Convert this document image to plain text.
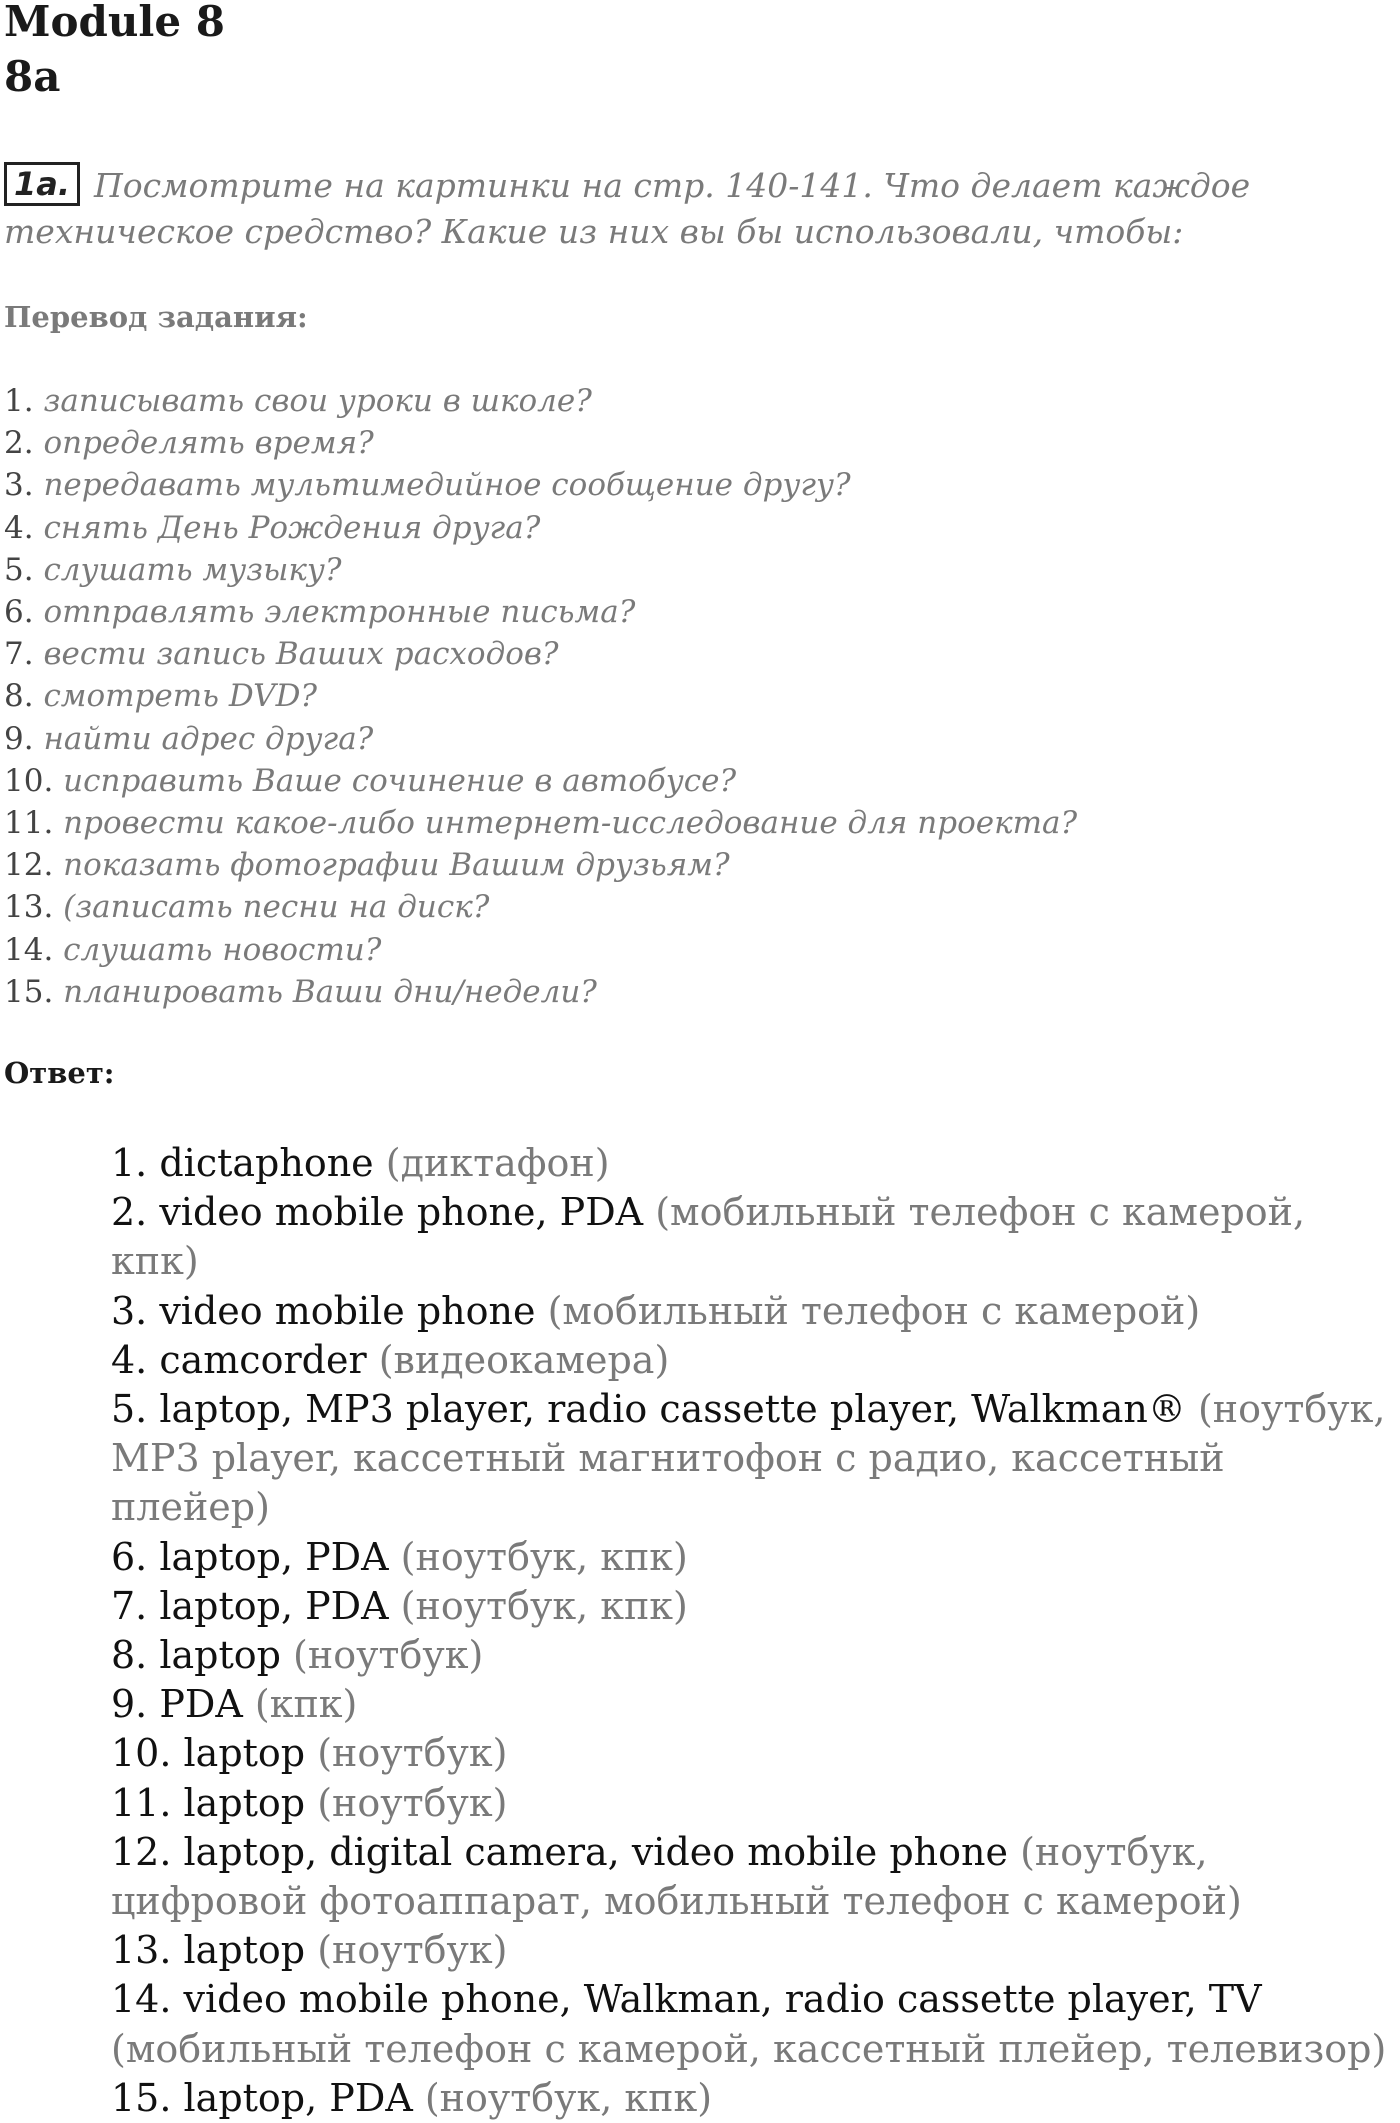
Module 8
8a
1a. Посмотрите на картинки на стр. 140-141. Что делает каждое техническое средство? Какие из них вы бы использовали, чтобы:

Перевод задания:

1. записывать свои уроки в школе?
2. определять время?
3. передавать мультимедийное сообщение другу?
4. снять День Рождения друга?
5. слушать музыку?
6. отправлять электронные письма?
7. вести запись Ваших расходов?
8. смотреть DVD?
9. найти адрес друга?
10. исправить Ваше сочинение в автобусе?
11. провести какое-либо интернет-исследование для проекта?
12. показать фотографии Вашим друзьям?
13. (записать песни на диск?
14. слушать новости?
15. планировать Ваши дни/недели?

Ответ:

1. dictaphone (диктафон)
2. video mobile phone, PDA (мобильный телефон с камерой, кпк)
3. video mobile phone (мобильный телефон с камерой)
4. camcorder (видеокамера)
5. laptop, MP3 player, radio cassette player, Walkman® (ноутбук, MP3 player, кассетный магнитофон с радио, кассетный плейер)
6. laptop, PDA (ноутбук, кпк)
7. laptop, PDA (ноутбук, кпк)
8. laptop (ноутбук)
9. PDA (кпк)
10. laptop (ноутбук)
11. laptop (ноутбук)
12. laptop, digital camera, video mobile phone (ноутбук, цифровой фотоаппарат, мобильный телефон с камерой)
13. laptop (ноутбук)
14. video mobile phone, Walkman, radio cassette player, TV (мобильный телефон с камерой, кассетный плейер, телевизор)
15. laptop, PDA (ноутбук, кпк)
